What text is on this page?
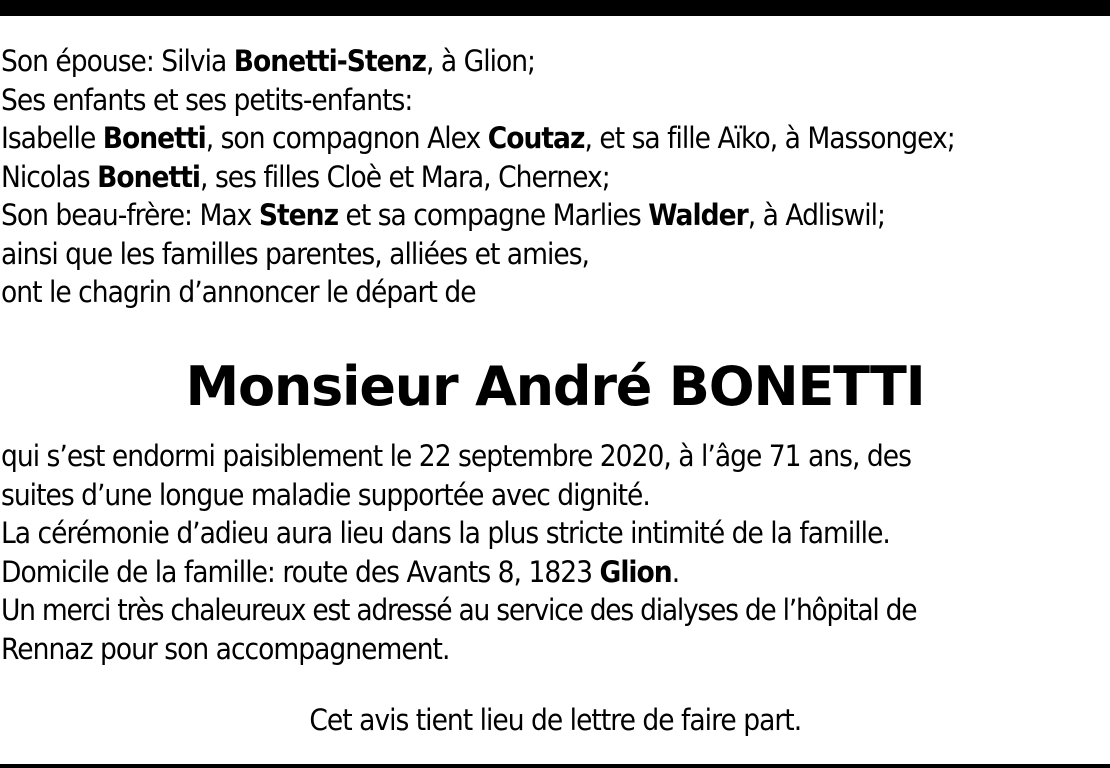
Son épouse: Silvia Bonetti-Stenz, à Glion;
Ses enfants et ses petits-enfants:
Isabelle Bonetti, son compagnon Alex Coutaz, et sa fille Aïko, à Massongex;
Nicolas Bonetti, ses filles Cloè et Mara, Chernex;
Son beau-frère: Max Stenz et sa compagne Marlies Walder, à Adliswil;
ainsi que les familles parentes, alliées et amies,
ont le chagrin d’annoncer le départ de
Monsieur André BONETTI
qui s’est endormi paisiblement le 22 septembre 2020, à l’âge 71 ans, des
suites d’une longue maladie supportée avec dignité.
La cérémonie d’adieu aura lieu dans la plus stricte intimité de la famille.
Domicile de la famille: route des Avants 8, 1823 Glion.
Un merci très chaleureux est adressé au service des dialyses de l’hôpital de
Rennaz pour son accompagnement.
Cet avis tient lieu de lettre de faire part.
